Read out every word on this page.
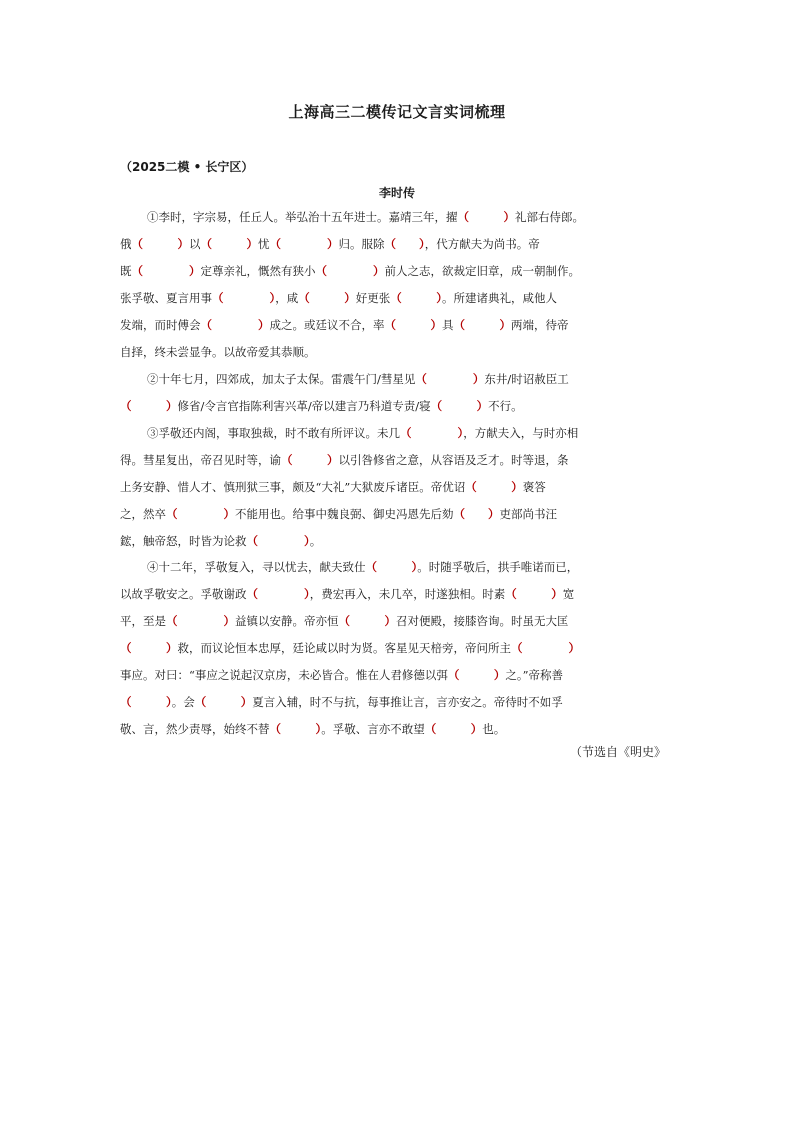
上海高三二模传记文言实词梳理
（2025二模 • 长宁区）
李时传
①李时，字宗易，任丘人。举弘治十五年进士。嘉靖三年，擢（　　　）礼部右侍郎。
俄（　　　）以（　　　）忧（　　　　）归。服除（　　），代方献夫为尚书。帝
既（　　　　）定尊亲礼，慨然有狭小（　　　　）前人之志，欲裁定旧章，成一朝制作。
张孚敬、夏言用事（　　　　），咸（　　　）好更张（　　　）。所建诸典礼，咸他人
发端，而时傅会（　　　　）成之。或廷议不合，率（　　　）具（　　　）两端，待帝
自择，终未尝显争。以故帝爱其恭顺。
②十年七月，四郊成，加太子太保。雷震午门/彗星见（　　　　）东井/时诏赦臣工
（　　　）修省/令言官指陈利害兴革/帝以建言乃科道专责/寝（　　　）不行。
③孚敬还内阁，事取独裁，时不敢有所评议。未几（　　　　），方献夫入，与时亦相
得。彗星复出，帝召见时等，谕（　　　）以引咎修省之意，从容语及乏才。时等退，条
上务安静、惜人才、慎刑狱三事，颇及“大礼”大狱废斥诸臣。帝优诏（　　　）褒答
之，然卒（　　　　）不能用也。给事中魏良弼、御史冯恩先后劾（　　）吏部尚书汪
鋐，触帝怒，时皆为论救（　　　　）。
④十二年，孚敬复入，寻以忧去，献夫致仕（　　　）。时随孚敬后，拱手唯诺而已，
以故孚敬安之。孚敬谢政（　　　　），费宏再入，未几卒，时遂独相。时素（　　　）宽
平，至是（　　　　）益镇以安静。帝亦恒（　　　）召对便殿，接膝咨询。时虽无大匡
（　　　）救，而议论恒本忠厚，廷论咸以时为贤。客星见天棓旁，帝问所主（　　　　）
事应。对曰：“事应之说起汉京房，未必皆合。惟在人君修德以弭（　　　）之。”帝称善
（　　　）。会（　　　）夏言入辅，时不与抗，每事推让言，言亦安之。帝待时不如孚
敬、言，然少责辱，始终不替（　　　）。孚敬、言亦不敢望（　　　）也。
（节选自《明史》
